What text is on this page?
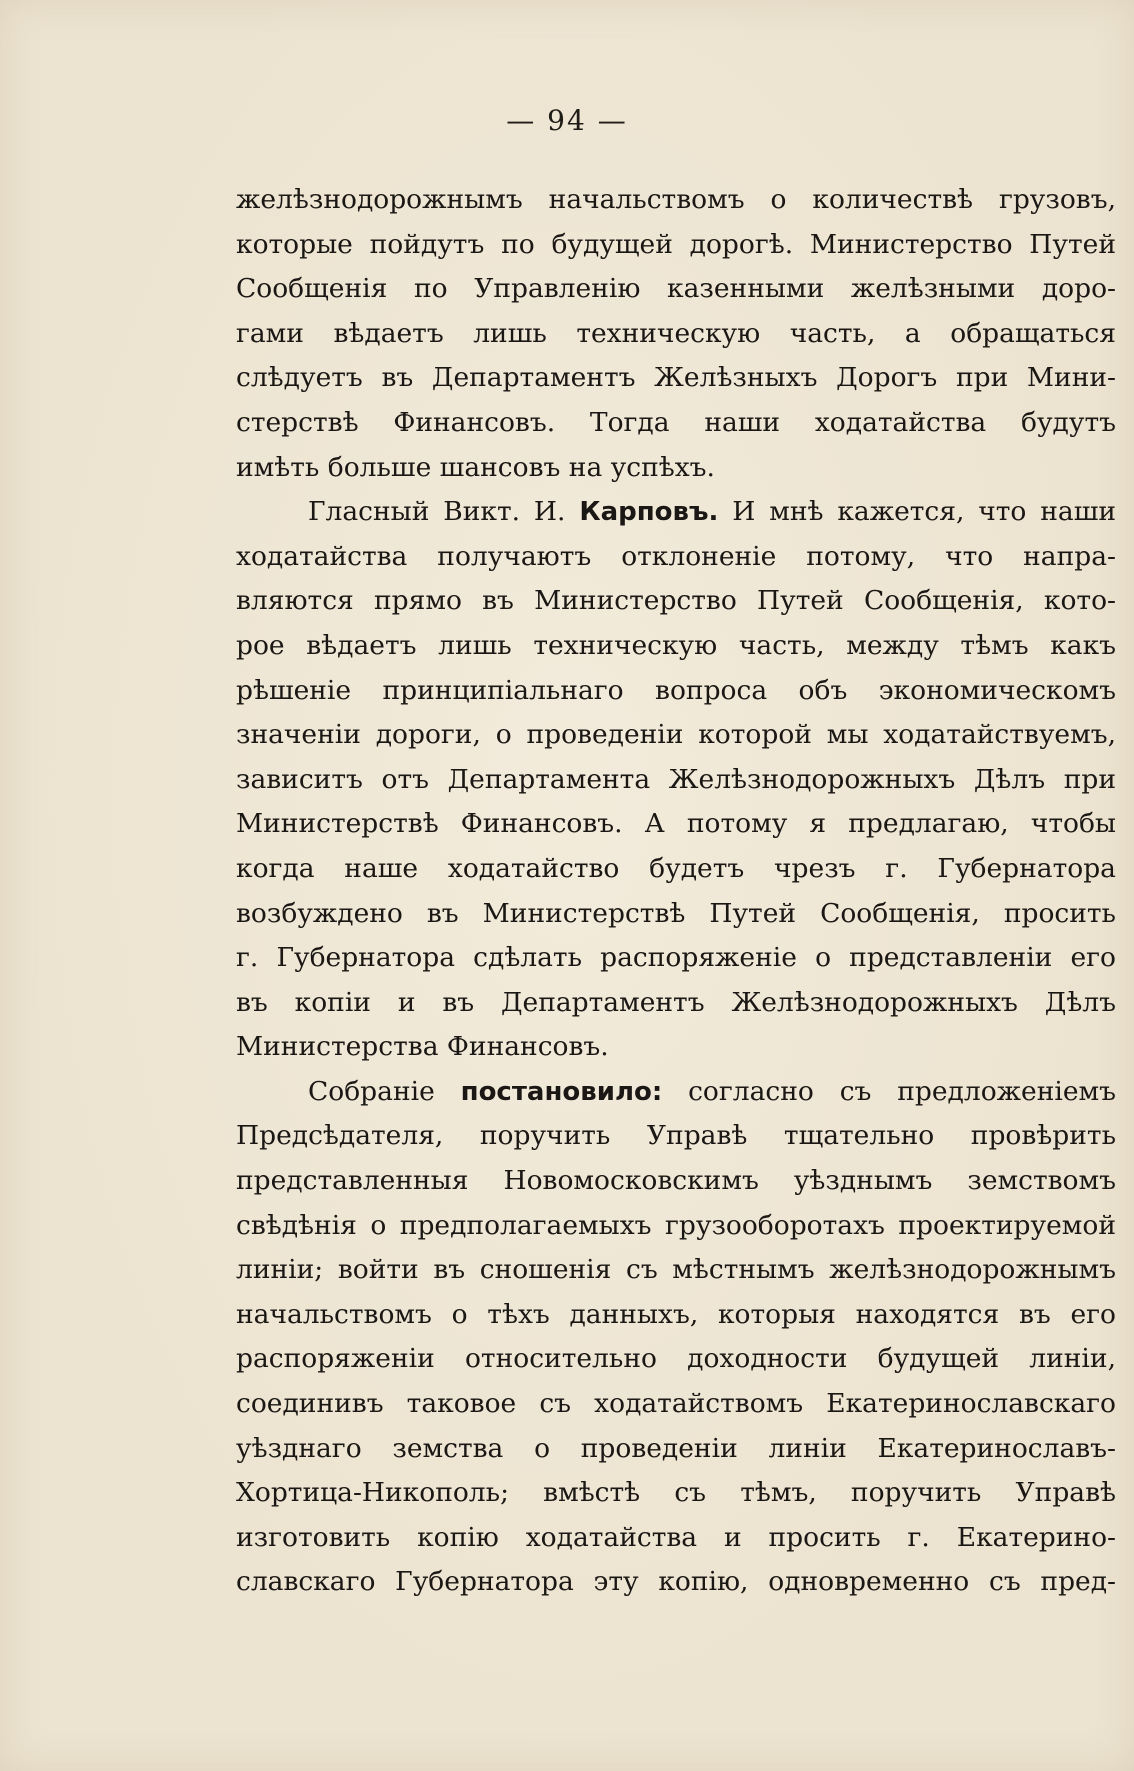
— 94 —
желѣзнодорожнымъ начальствомъ о количествѣ грузовъ,
которые пойдутъ по будущей дорогѣ. Министерство Путей
Сообщенія по Управленію казенными желѣзными доро-
гами вѣдаетъ лишь техническую часть, а обращаться
слѣдуетъ въ Департаментъ Желѣзныхъ Дорогъ при Мини-
стерствѣ Финансовъ. Тогда наши ходатайства будутъ
имѣть больше шансовъ на успѣхъ.
Гласный Викт. И. Карповъ. И мнѣ кажется, что наши
ходатайства получаютъ отклоненіе потому, что напра-
вляются прямо въ Министерство Путей Сообщенія, кото-
рое вѣдаетъ лишь техническую часть, между тѣмъ какъ
рѣшеніе принципіальнаго вопроса объ экономическомъ
значеніи дороги, о проведеніи которой мы ходатайствуемъ,
зависитъ отъ Департамента Желѣзнодорожныхъ Дѣлъ при
Министерствѣ Финансовъ. А потому я предлагаю, чтобы
когда наше ходатайство будетъ чрезъ г. Губернатора
возбуждено въ Министерствѣ Путей Сообщенія, просить
г. Губернатора сдѣлать распоряженіе о представленіи его
въ копіи и въ Департаментъ Желѣзнодорожныхъ Дѣлъ
Министерства Финансовъ.
Собраніе постановило: согласно съ предложеніемъ
Предсѣдателя, поручить Управѣ тщательно провѣрить
представленныя Новомосковскимъ уѣзднымъ земствомъ
свѣдѣнія о предполагаемыхъ грузооборотахъ проектируемой
линіи; войти въ сношенія съ мѣстнымъ желѣзнодорожнымъ
начальствомъ о тѣхъ данныхъ, которыя находятся въ его
распоряженіи относительно доходности будущей линіи,
соединивъ таковое съ ходатайствомъ Екатеринославскаго
уѣзднаго земства о проведеніи линіи Екатеринославъ-
Хортица-Никополь; вмѣстѣ съ тѣмъ, поручить Управѣ
изготовить копію ходатайства и просить г. Екатерино-
славскаго Губернатора эту копію, одновременно съ пред-
